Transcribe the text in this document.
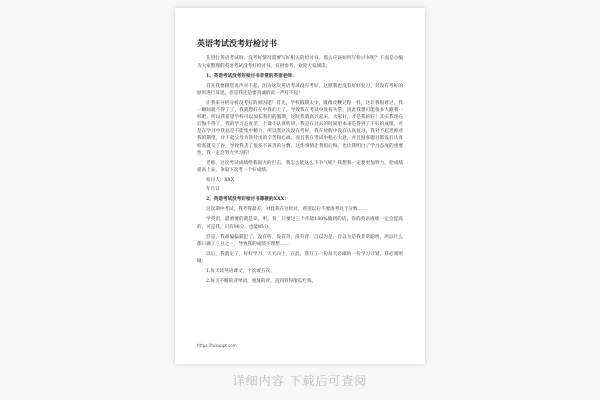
英语考试没考好检讨书

在进行英语考试时，没考好情况需要写好相关的检讨书。那么应该如何写检讨书呢？下面是小编为大家整理的英语考试没考好检讨书，仅供参考，欢迎大家阅读。

1、英语考试没考好检讨书非常的英语老师：

首先我要跟您说声对不起，因为这次英语考试没有考好，这照我也没有好好复习，对没有考好的原因进行反思，但是我还是要真诚的说一声对不起！

让我来分析分析没考好的原因吧！首先，学校假期太少，既像皮鞭过程一样，这让我很难过，我一瞬间就不得了了，我就想好在中我们上了，导致我在考试中发挥失常。因此我想可能很多人跟我一样吧，所以我希望学校可以加长我们的假期，这时我就高兴起来，大家好，才是我的好！其实我现在后悔不得了，我的学习态度差，上课不认真听讲，我是在过去的时间里本来是得到了不好的成绩，可是在学习中我总是不能集中精力，所以我这次没有考好，我在放假中没有认真复习。我对不起老师对我的期望，对不起父母为我付出的辛苦和心血。而且我在考试中粗心大意，并且很多题目都没有认真检查就交了卷，导致我丢了很多不该丢的分数，这件事情让我很后悔，也让我明白了学习态度的重要性。我一定会努力学习的！

老师，这次考试成绩给我很大的打击，我怎么能这么不争气呢？我想我一定要更加努力，把成绩提高上来，争取下次考一个好成绩。

检讨人：XXX

年月日

2、英语考试没考好检讨书尊敬的XXX：

这次期中考试，我考得最差，对此我在这检讨，希望以后不要再考这个分数……

学英语，最重要的就是读，听，背，只要这三个你能100%做到的话，你的英语成绩一定会提高的，可是我，只有90分，也能85分。

但是，我却偏偏就犯了，没有听，没有背，没有背，自以为是，自以为是我非常聪明，所以什么都只做了三分之一，导致我的成绩不理想……

以后，我就定了，好好学习，天天向上，在此，我订了一份每天必做的一份学习计划，我必须照做：

1.每天读英语课文，十次或五次。

2.每天不断的背单词，重复的背，直到背得滚瓜烂熟。

https://tukuppt.com
详细内容 下载后可查阅
